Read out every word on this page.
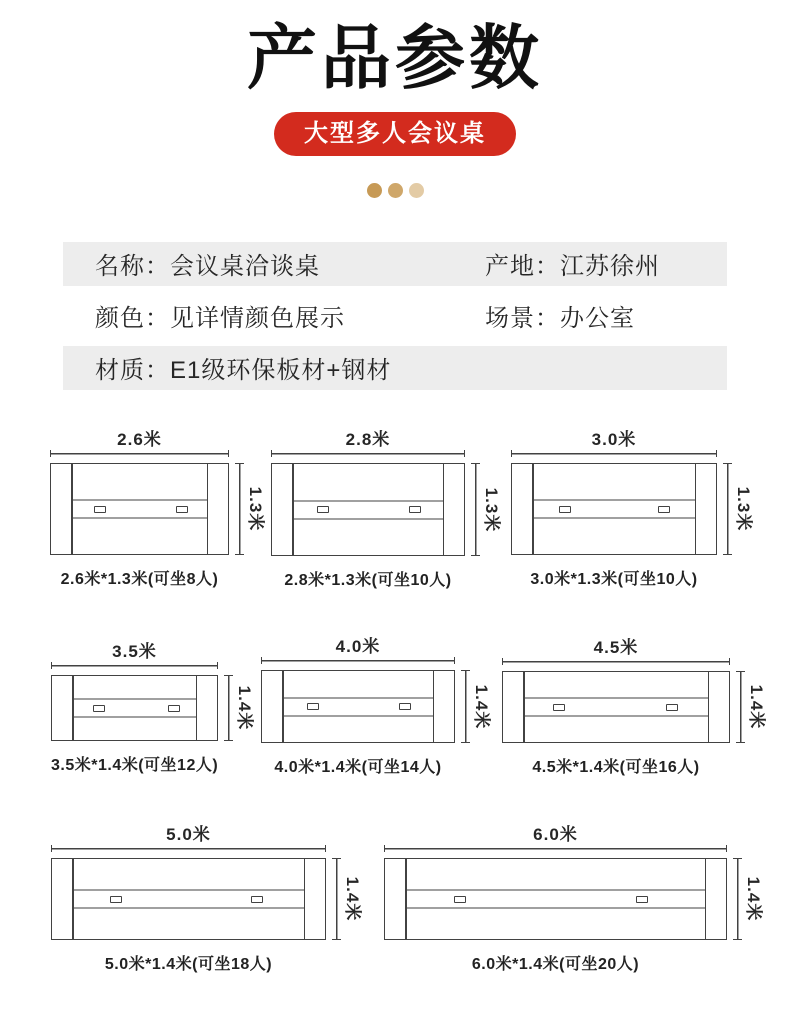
产品参数
大型多人会议桌
名称：会议桌洽谈桌	产地：江苏徐州
颜色：见详情颜色展示	场景：办公室
材质：E1级环保板材+钢材
2.6米
1.3米
2.6米*1.3米(可坐8人)
2.8米
1.3米
2.8米*1.3米(可坐10人)
3.0米
1.3米
3.0米*1.3米(可坐10人)
3.5米
1.4米
3.5米*1.4米(可坐12人)
4.0米
1.4米
4.0米*1.4米(可坐14人)
4.5米
1.4米
4.5米*1.4米(可坐16人)
5.0米
1.4米
5.0米*1.4米(可坐18人)
6.0米
1.4米
6.0米*1.4米(可坐20人)
